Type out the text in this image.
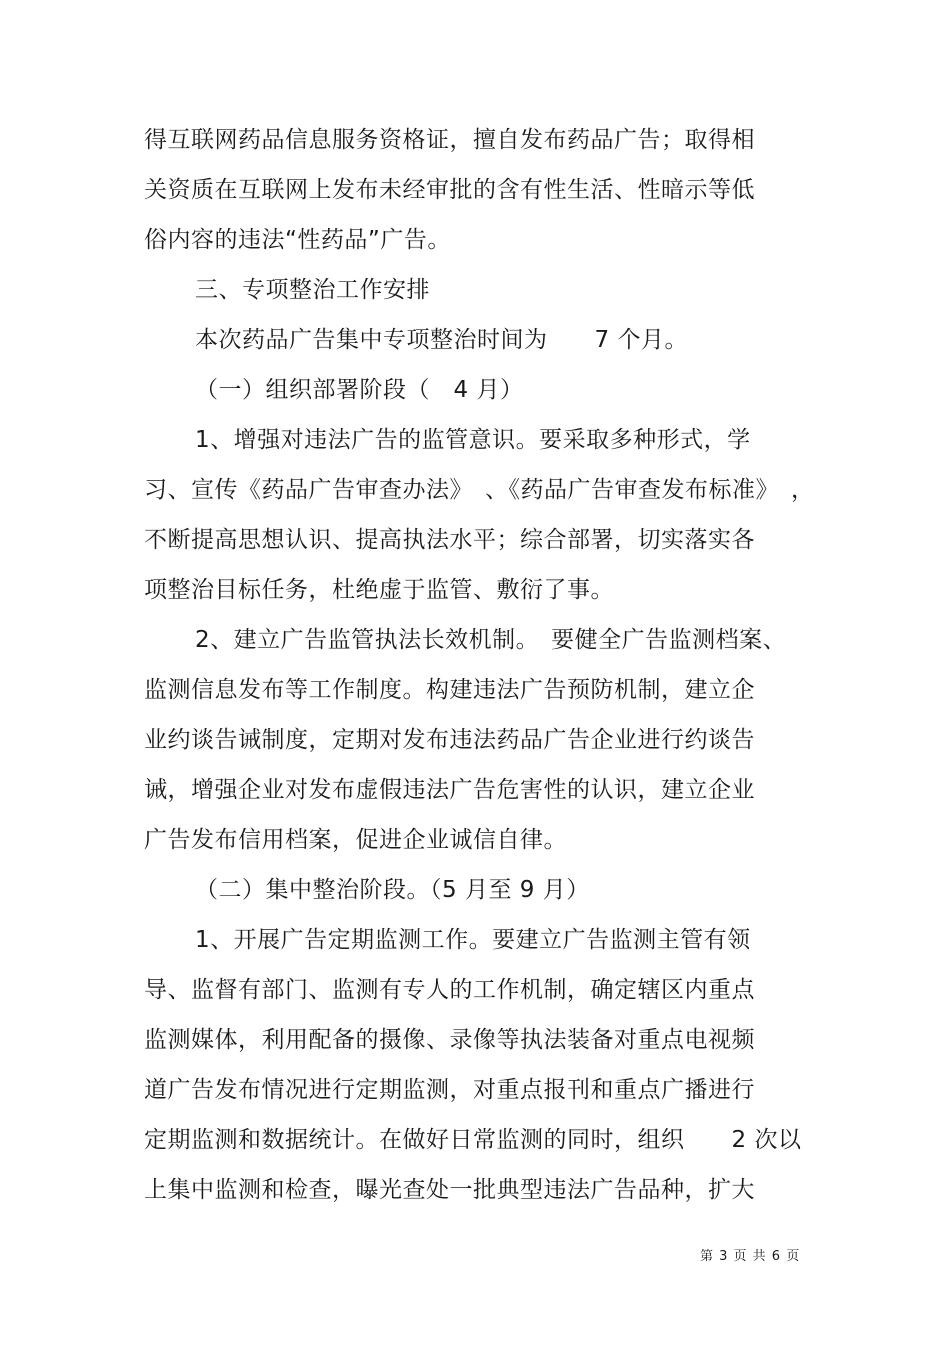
得互联网药品信息服务资格证，擅自发布药品广告；取得相
关资质在互联网上发布未经审批的含有性生活、性暗示等低
俗内容的违法“性药品”广告。
三、专项整治工作安排
本次药品广告集中专项整治时间为　　7 个月。
（一）组织部署阶段（　4 月）
1、增强对违法广告的监管意识。要采取多种形式，学
习、宣传《药品广告审查办法》　、《药品广告审查发布标准》　，
不断提高思想认识、提高执法水平；综合部署，切实落实各
项整治目标任务，杜绝虚于监管、敷衍了事。
2、建立广告监管执法长效机制。　要健全广告监测档案、
监测信息发布等工作制度。构建违法广告预防机制，建立企
业约谈告诫制度，定期对发布违法药品广告企业进行约谈告
诫，增强企业对发布虚假违法广告危害性的认识，建立企业
广告发布信用档案，促进企业诚信自律。
（二）集中整治阶段。（5 月至 9 月）
1、开展广告定期监测工作。要建立广告监测主管有领
导、监督有部门、监测有专人的工作机制，确定辖区内重点
监测媒体，利用配备的摄像、录像等执法装备对重点电视频
道广告发布情况进行定期监测，对重点报刊和重点广播进行
定期监测和数据统计。在做好日常监测的同时，组织　　2 次以
上集中监测和检查，曝光查处一批典型违法广告品种，扩大
第 3 页 共 6 页
